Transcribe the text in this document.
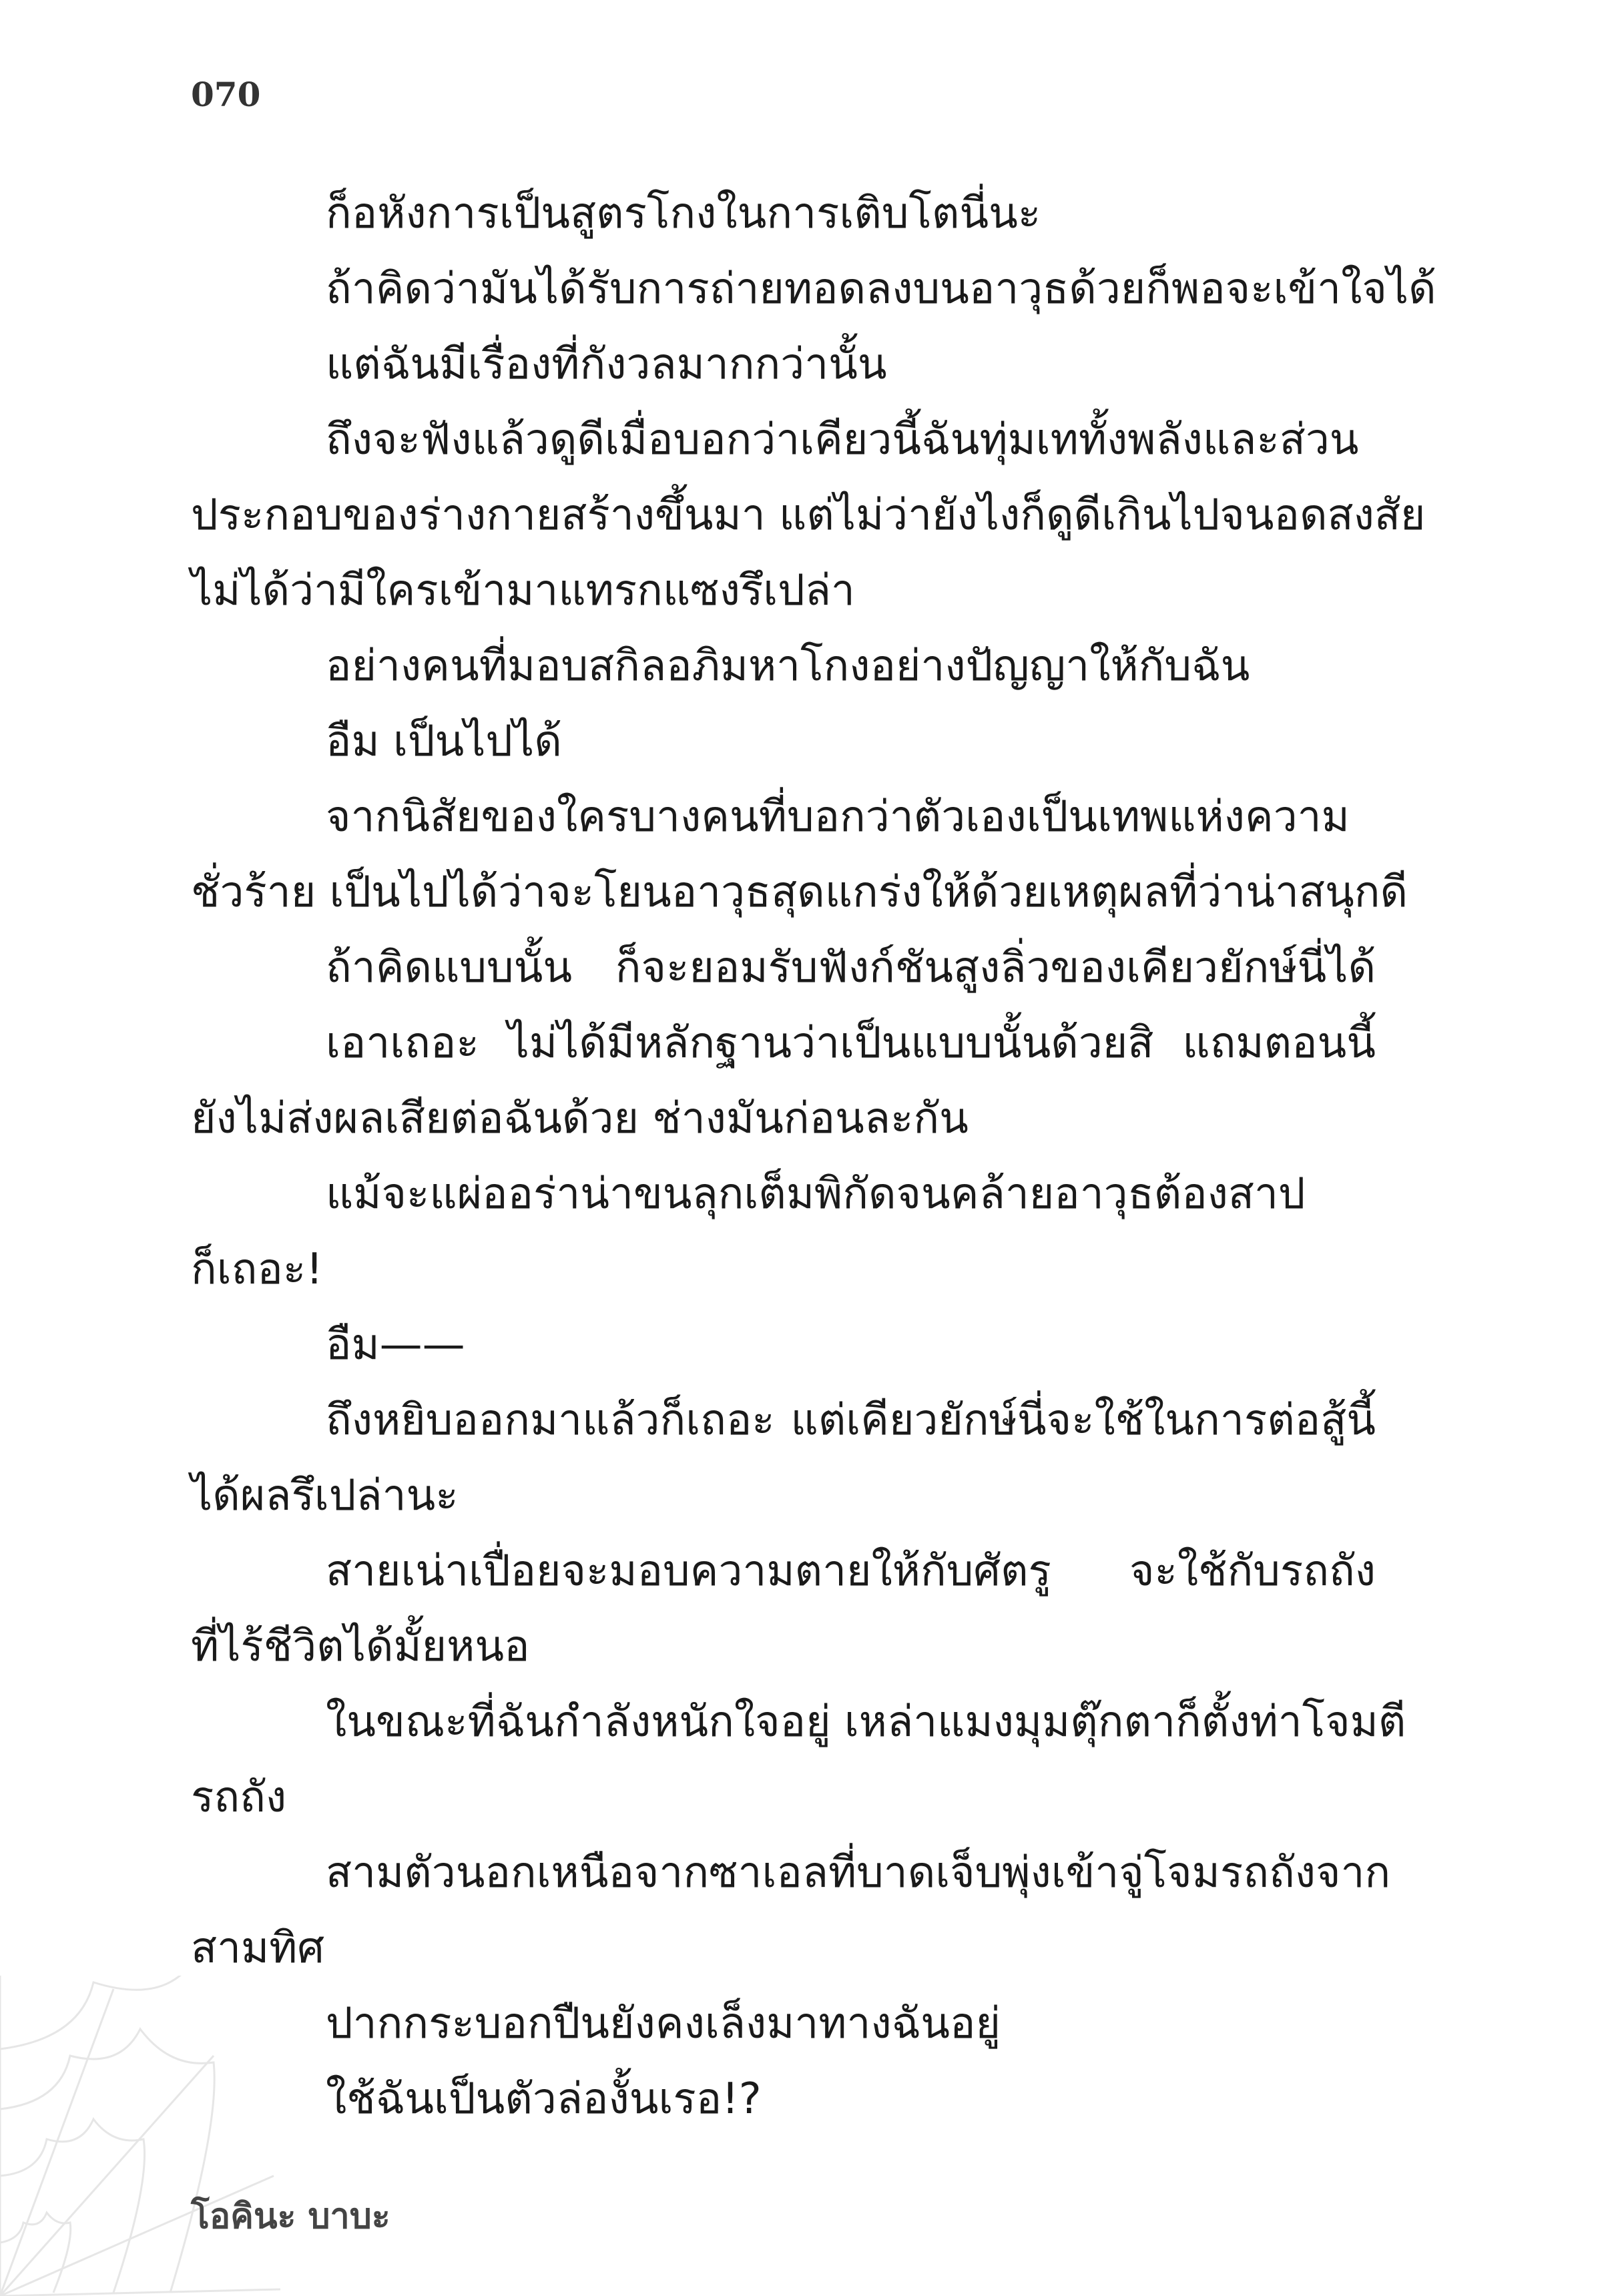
070
ก็อหังการเป็นสูตรโกงในการเติบโตนี่นะ
ถ้าคิดว่ามันได้รับการถ่ายทอดลงบนอาวุธด้วยก็พอจะเข้าใจได้
แต่ฉันมีเรื่องที่กังวลมากกว่านั้น
ถึงจะฟังแล้วดูดีเมื่อบอกว่าเคียวนี้ฉันทุ่มเททั้งพลังและส่วน
ประกอบของร่างกายสร้างขึ้นมา แต่ไม่ว่ายังไงก็ดูดีเกินไปจนอดสงสัย
ไม่ได้ว่ามีใครเข้ามาแทรกแซงรึเปล่า
อย่างคนที่มอบสกิลอภิมหาโกงอย่างปัญญาให้กับฉัน
อืม เป็นไปได้
จากนิสัยของใครบางคนที่บอกว่าตัวเองเป็นเทพแห่งความ
ชั่วร้าย เป็นไปได้ว่าจะโยนอาวุธสุดแกร่งให้ด้วยเหตุผลที่ว่าน่าสนุกดี
ถ้าคิดแบบนั้น ก็จะยอมรับฟังก์ชันสูงลิ่วของเคียวยักษ์นี่ได้
เอาเถอะ ไม่ได้มีหลักฐานว่าเป็นแบบนั้นด้วยสิ แถมตอนนี้
ยังไม่ส่งผลเสียต่อฉันด้วย ช่างมันก่อนละกัน
แม้จะแผ่ออร่าน่าขนลุกเต็มพิกัดจนคล้ายอาวุธต้องสาป
ก็เถอะ!
อืม——
ถึงหยิบออกมาแล้วก็เถอะ แต่เคียวยักษ์นี่จะใช้ในการต่อสู้นี้
ได้ผลรึเปล่านะ
สายเน่าเปื่อยจะมอบความตายให้กับศัตรู จะใช้กับรถถัง
ที่ไร้ชีวิตได้มั้ยหนอ
ในขณะที่ฉันกำลังหนักใจอยู่ เหล่าแมงมุมตุ๊กตาก็ตั้งท่าโจมตี
รถถัง
สามตัวนอกเหนือจากซาเอลที่บาดเจ็บพุ่งเข้าจู่โจมรถถังจาก
สามทิศ
ปากกระบอกปืนยังคงเล็งมาทางฉันอยู่
ใช้ฉันเป็นตัวล่องั้นเรอ!?
โอคินะ บาบะ
